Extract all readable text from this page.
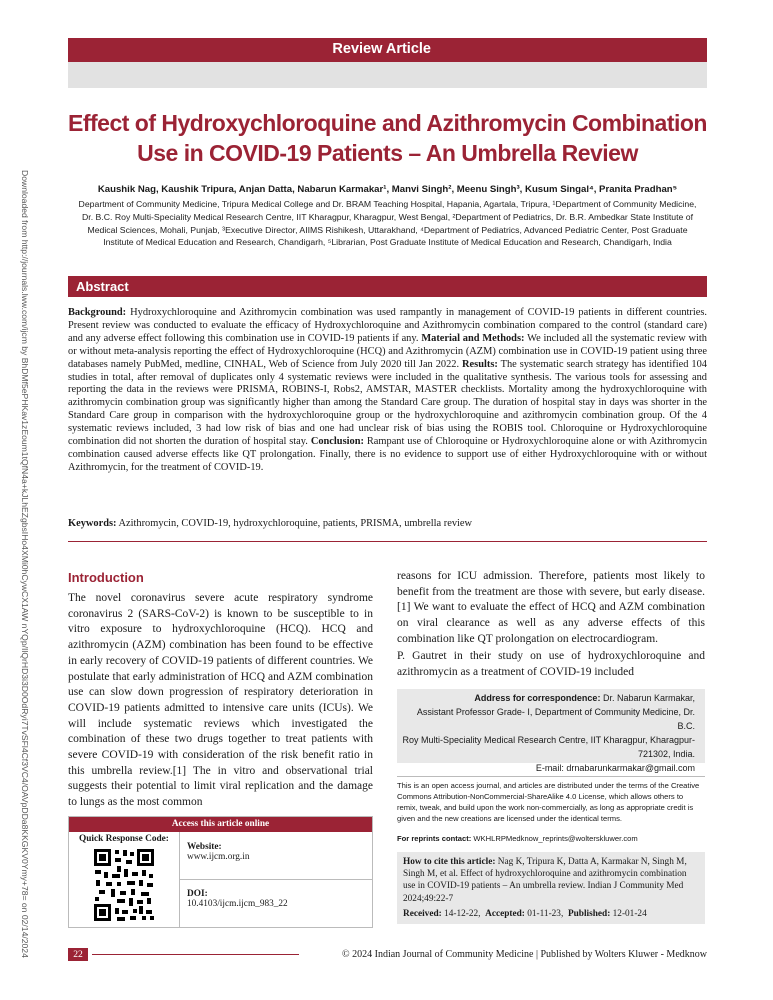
Downloaded from http://journals.lww.com/ijcm by BhDMf5ePHKav1zEoum1tQfN4a+kJLhEZgbsIHo4XMi0hCywCX1AW nYQp/IlQrHD3i3D0OdRyi7TvSFl4Cf3VC4/OAVpDDa8KKGKV0Ymy+78= on 02/14/2024
Review Article
Effect of Hydroxychloroquine and Azithromycin Combination Use in COVID-19 Patients – An Umbrella Review
Kaushik Nag, Kaushik Tripura, Anjan Datta, Nabarun Karmakar¹, Manvi Singh², Meenu Singh³, Kusum Singal⁴, Pranita Pradhan⁵
Department of Community Medicine, Tripura Medical College and Dr. BRAM Teaching Hospital, Hapania, Agartala, Tripura, ¹Department of Community Medicine, Dr. B.C. Roy Multi-Speciality Medical Research Centre, IIT Kharagpur, Kharagpur, West Bengal, ²Department of Pediatrics, Dr. B.R. Ambedkar State Institute of Medical Sciences, Mohali, Punjab, ³Executive Director, AIIMS Rishikesh, Uttarakhand, ⁴Department of Pediatrics, Advanced Pediatric Center, Post Graduate Institute of Medical Education and Research, Chandigarh, ⁵Librarian, Post Graduate Institute of Medical Education and Research, Chandigarh, India
Abstract
Background: Hydroxychloroquine and Azithromycin combination was used rampantly in management of COVID-19 patients in different countries. Present review was conducted to evaluate the efficacy of Hydroxychloroquine and Azithromycin combination compared to the control (standard care) and any adverse effect following this combination use in COVID-19 patients if any. Material and Methods: We included all the systematic review with or without meta-analysis reporting the effect of Hydroxychloroquine (HCQ) and Azithromycin (AZM) combination use in COVID-19 patient using three databases namely PubMed, medline, CINHAL, Web of Science from July 2020 till Jan 2022. Results: The systematic search strategy has identified 104 studies in total, after removal of duplicates only 4 systematic reviews were included in the qualitative synthesis. The various tools for assessing and reporting the data in the reviews were PRISMA, ROBINS-I, Robs2, AMSTAR, MASTER checklists. Mortality among the hydroxychloroquine with azithromycin combination group was significantly higher than among the Standard Care group. The duration of hospital stay in days was shorter in the Standard Care group in comparison with the hydroxychloroquine group or the hydroxychloroquine and azithromycin combination group. Of the 4 systematic reviews included, 3 had low risk of bias and one had unclear risk of bias using the ROBIS tool. Chloroquine or Hydroxychloroquine combination did not shorten the duration of hospital stay. Conclusion: Rampant use of Chloroquine or Hydroxychloroquine alone or with Azithromycin combination caused adverse effects like QT prolongation. Finally, there is no evidence to support use of either Hydroxychloroquine with or without Azithromycin, for the treatment of COVID-19.
Keywords: Azithromycin, COVID-19, hydroxychloroquine, patients, PRISMA, umbrella review
Introduction
The novel coronavirus severe acute respiratory syndrome coronavirus 2 (SARS-CoV-2) is known to be susceptible to in vitro exposure to hydroxychloroquine (HCQ). HCQ and azithromycin (AZM) combination has been found to be effective in early recovery of COVID-19 patients of different countries. We postulate that early administration of HCQ and AZM combination use can slow down progression of respiratory deterioration in COVID-19 patients admitted to intensive care units (ICUs). We will include systematic reviews which investigated the combination of these two drugs together to treat patients with severe COVID-19 with consideration of the risk benefit ratio in this umbrella review.[1] The in vitro and observational trial suggests their potential to limit viral replication and the damage to lungs as the most common
reasons for ICU admission. Therefore, patients most likely to benefit from the treatment are those with severe, but early disease.[1] We want to evaluate the effect of HCQ and AZM combination on viral clearance as well as any adverse effects of this combination like QT prolongation on electrocardiogram.
P. Gautret in their study on use of hydroxychloroquine and azithromycin as a treatment of COVID-19 included
Address for correspondence: Dr. Nabarun Karmakar,
Assistant Professor Grade- I, Department of Community Medicine, Dr. B.C.
Roy Multi-Speciality Medical Research Centre, IIT Kharagpur, Kharagpur-
721302, India.
E-mail: drnabarunkarmakar@gmail.com
This is an open access journal, and articles are distributed under the terms of the Creative Commons Attribution-NonCommercial-ShareAlike 4.0 License, which allows others to remix, tweak, and build upon the work non-commercially, as long as appropriate credit is given and the new creations are licensed under the identical terms.
For reprints contact: WKHLRPMedknow_reprints@wolterskluwer.com
How to cite this article: Nag K, Tripura K, Datta A, Karmakar N, Singh M, Singh M, et al. Effect of hydroxychloroquine and azithromycin combination use in COVID-19 patients – An umbrella review. Indian J Community Med 2024;49:22-7
Received: 14-12-22, Accepted: 01-11-23, Published: 12-01-24
Access this article online
Quick Response Code:
Website:
www.ijcm.org.in
DOI:
10.4103/ijcm.ijcm_983_22
22	© 2024 Indian Journal of Community Medicine | Published by Wolters Kluwer - Medknow
